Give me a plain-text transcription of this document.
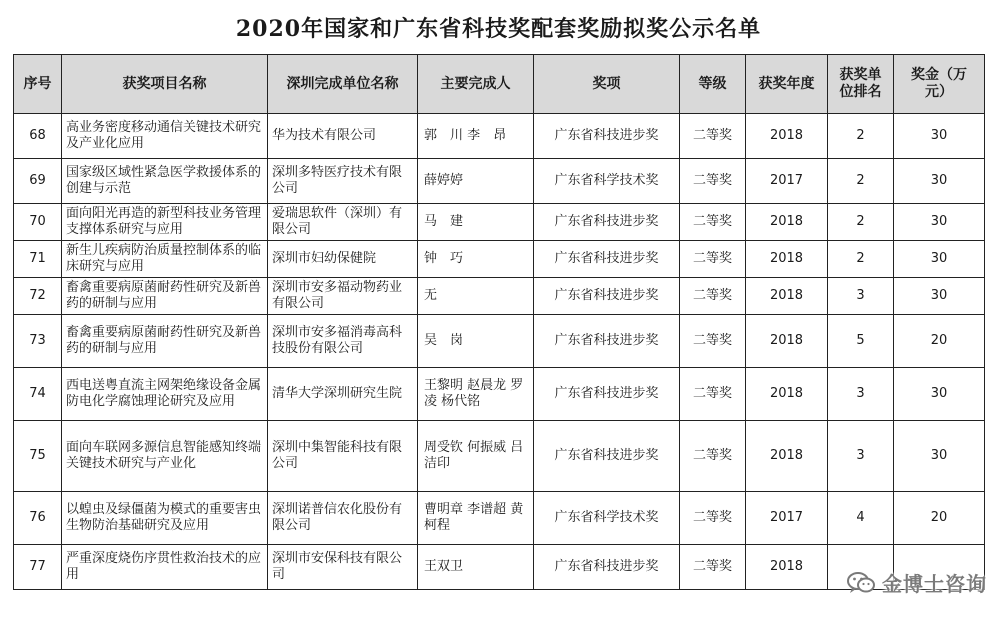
2020年国家和广东省科技奖配套奖励拟奖公示名单
序号	获奖项目名称	深圳完成单位名称	主要完成人	奖项	等级	获奖年度	获奖单位排名	奖金（万元）
68	高业务密度移动通信关键技术研究及产业化应用	华为技术有限公司	郭　川 李　昂	广东省科技进步奖	二等奖	2018	2	30
69	国家级区域性紧急医学救援体系的创建与示范	深圳多特医疗技术有限公司	薛婷婷	广东省科学技术奖	二等奖	2017	2	30
70	面向阳光再造的新型科技业务管理支撑体系研究与应用	爱瑞思软件（深圳）有限公司	马　建	广东省科技进步奖	二等奖	2018	2	30
71	新生儿疾病防治质量控制体系的临床研究与应用	深圳市妇幼保健院	钟　巧	广东省科技进步奖	二等奖	2018	2	30
72	畜禽重要病原菌耐药性研究及新兽药的研制与应用	深圳市安多福动物药业有限公司	无	广东省科技进步奖	二等奖	2018	3	30
73	畜禽重要病原菌耐药性研究及新兽药的研制与应用	深圳市安多福消毒高科技股份有限公司	吴　岗	广东省科技进步奖	二等奖	2018	5	20
74	西电送粤直流主网架绝缘设备金属防电化学腐蚀理论研究及应用	清华大学深圳研究生院	王黎明 赵晨龙 罗　凌 杨代铭	广东省科技进步奖	二等奖	2018	3	30
75	面向车联网多源信息智能感知终端关键技术研究与产业化	深圳中集智能科技有限公司	周受钦 何振威 吕洁印	广东省科技进步奖	二等奖	2018	3	30
76	以蝗虫及绿僵菌为模式的重要害虫生物防治基础研究及应用	深圳诺普信农化股份有限公司	曹明章 李谱超 黄柯程	广东省科学技术奖	二等奖	2017	4	20
77	严重深度烧伤序贯性救治技术的应用	深圳市安保科技有限公司	王双卫	广东省科技进步奖	二等奖	2018		
金博士咨询
